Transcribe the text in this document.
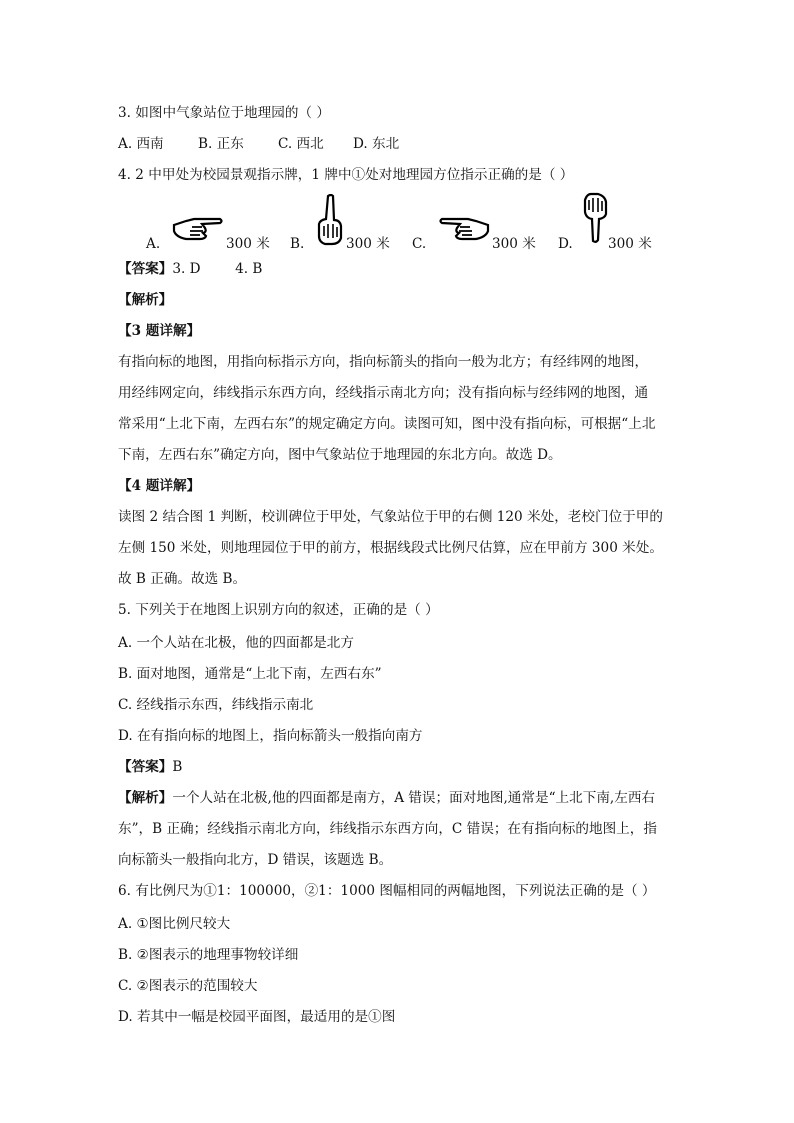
3. 如图中气象站位于地理园的（ ）
A. 西南	B. 正东	C. 西北 D. 东北
4. 2 中甲处为校园景观指示牌，1 牌中①处对地理园方位指示正确的是（ ）
A.	300 米 B.	300 米 C.	300 米 D.	300 米
【答案】3. D        4. B
【解析】
【3 题详解】
有指向标的地图，用指向标指示方向，指向标箭头的指向一般为北方；有经纬网的地图，
用经纬网定向，纬线指示东西方向，经线指示南北方向；没有指向标与经纬网的地图，通
常采用“上北下南，左西右东”的规定确定方向。读图可知，图中没有指向标，可根据“上北
下南，左西右东”确定方向，图中气象站位于地理园的东北方向。故选 D。
【4 题详解】
读图 2 结合图 1 判断，校训碑位于甲处，气象站位于甲的右侧 120 米处，老校门位于甲的
左侧 150 米处，则地理园位于甲的前方，根据线段式比例尺估算，应在甲前方 300 米处。
故 B 正确。故选 B。
5. 下列关于在地图上识别方向的叙述，正确的是（ ）
A. 一个人站在北极，他的四面都是北方
B. 面对地图，通常是“上北下南，左西右东”
C. 经线指示东西，纬线指示南北
D. 在有指向标的地图上，指向标箭头一般指向南方
【答案】B
【解析】一个人站在北极,他的四面都是南方，A 错误；面对地图,通常是“上北下南,左西右
东”，B 正确；经线指示南北方向，纬线指示东西方向，C 错误；在有指向标的地图上，指
向标箭头一般指向北方，D 错误，该题选 B。
6. 有比例尺为①1：100000，②1：1000 图幅相同的两幅地图，下列说法正确的是（ ）
A. ①图比例尺较大
B. ②图表示的地理事物较详细
C. ②图表示的范围较大
D. 若其中一幅是校园平面图，最适用的是①图
